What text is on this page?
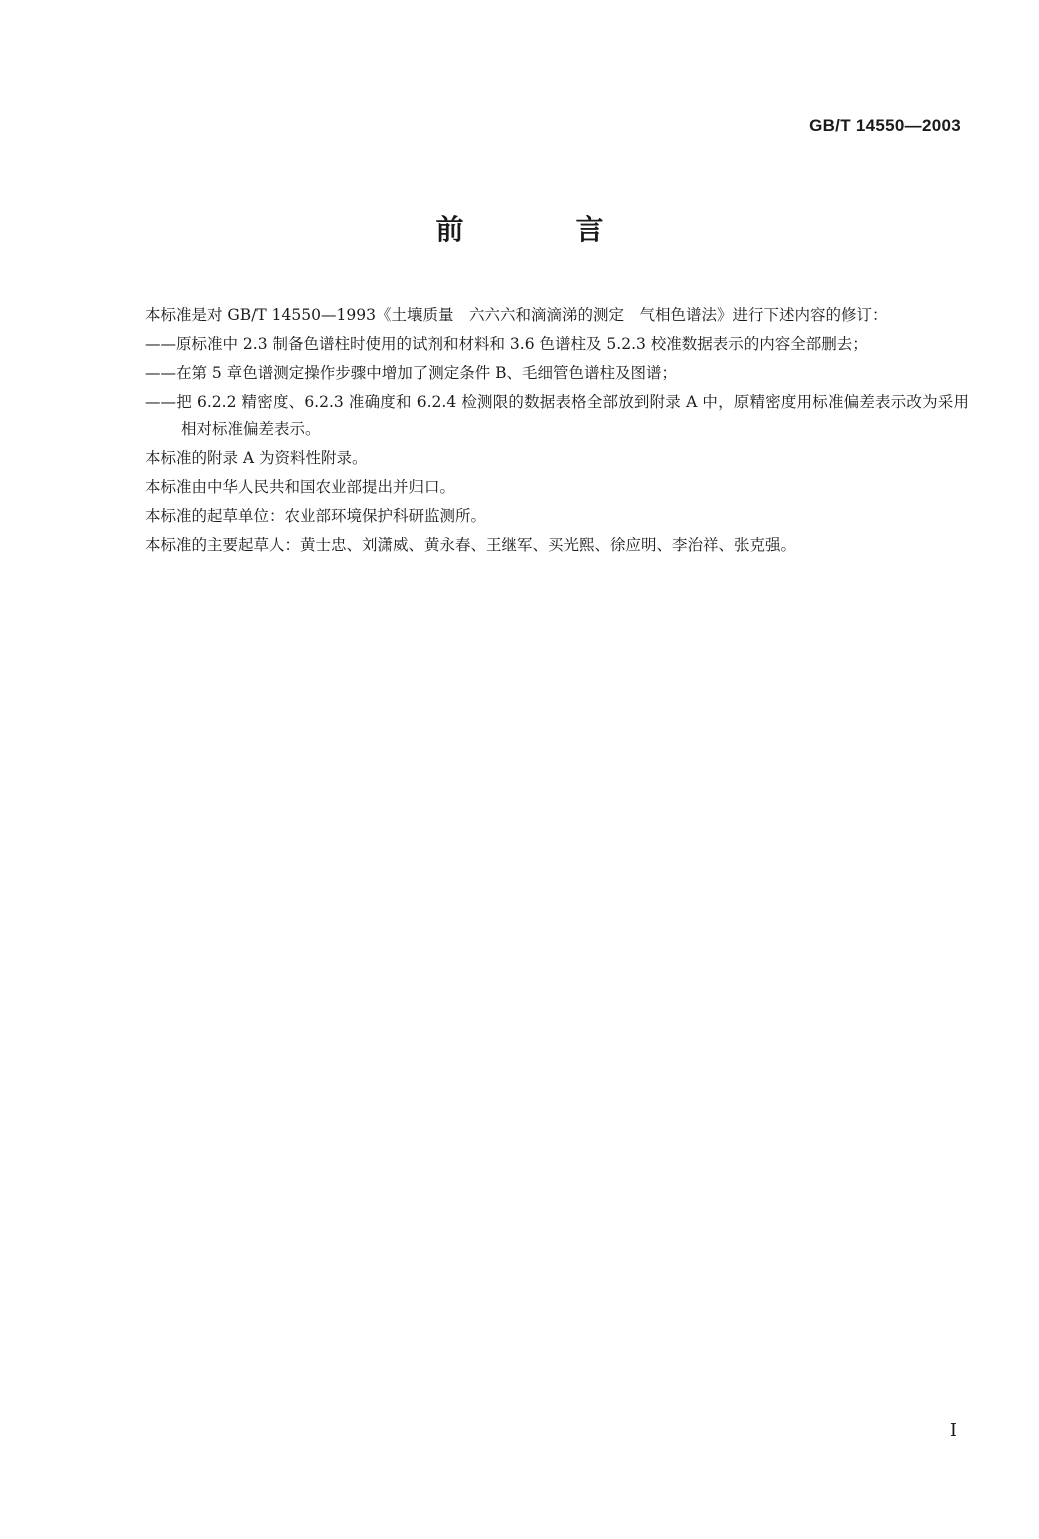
GB/T 14550—2003
前　言

本标准是对 GB/T 14550—1993《土壤质量　六六六和滴滴涕的测定　气相色谱法》进行下述内容的修订：

——原标准中 2.3 制备色谱柱时使用的试剂和材料和 3.6 色谱柱及 5.2.3 校准数据表示的内容全部删去；

——在第 5 章色谱测定操作步骤中增加了测定条件 B、毛细管色谱柱及图谱；

——把 6.2.2 精密度、6.2.3 准确度和 6.2.4 检测限的数据表格全部放到附录 A 中，原精密度用标准偏差表示改为采用相对标准偏差表示。

本标准的附录 A 为资料性附录。

本标准由中华人民共和国农业部提出并归口。

本标准的起草单位：农业部环境保护科研监测所。

本标准的主要起草人：黄士忠、刘潇威、黄永春、王继军、买光熙、徐应明、李治祥、张克强。

I
